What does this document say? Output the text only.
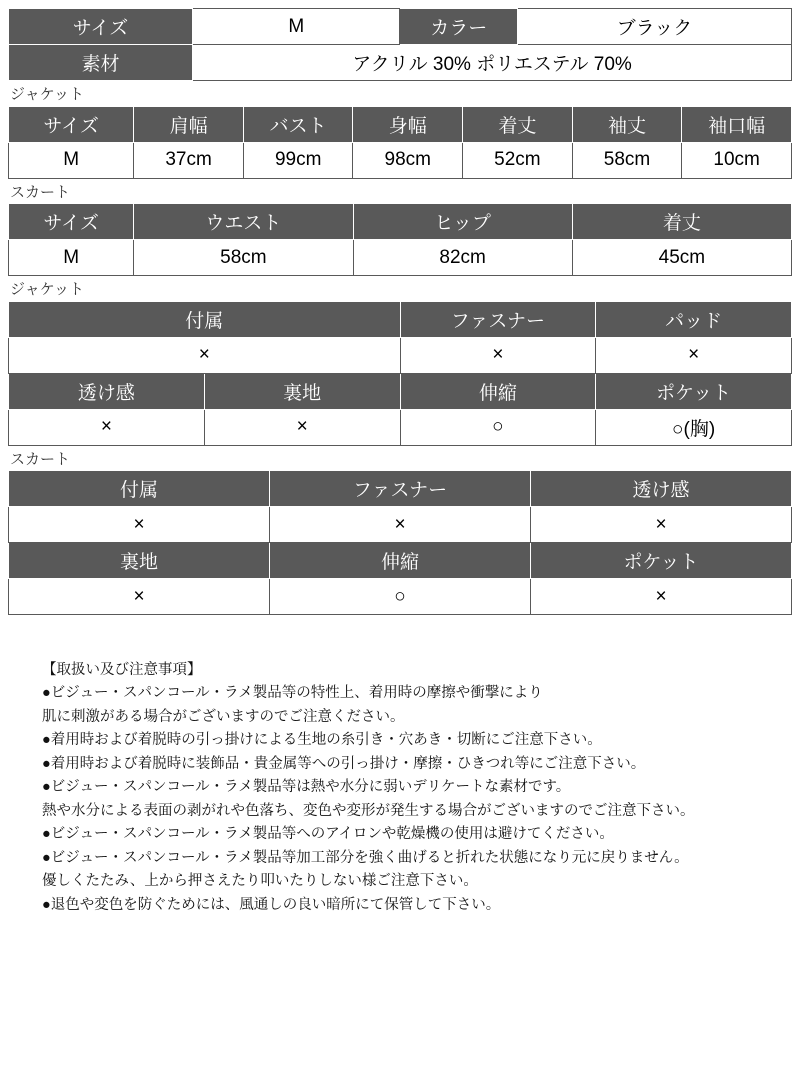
サイズ	M	カラー	ブラック
素材	アクリル 30% ポリエステル 70%		
ジャケット
サイズ	肩幅	バスト	身幅	着丈	袖丈	袖口幅
M	37cm	99cm	98cm	52cm	58cm	10cm
スカート
サイズ	ウエスト	ヒップ	着丈
M	58cm	82cm	45cm
ジャケット
付属		ファスナー	パッド
×		×	×
透け感	裏地	伸縮	ポケット
×	×	○	○(胸)
スカート
付属	ファスナー	透け感
×	×	×
裏地	伸縮	ポケット
×	○	×
【取扱い及び注意事項】
●ビジュー・スパンコール・ラメ製品等の特性上、着用時の摩擦や衝撃により
肌に刺激がある場合がございますのでご注意ください。
●着用時および着脱時の引っ掛けによる生地の糸引き・穴あき・切断にご注意下さい。
●着用時および着脱時に装飾品・貴金属等への引っ掛け・摩擦・ひきつれ等にご注意下さい。
●ビジュー・スパンコール・ラメ製品等は熱や水分に弱いデリケートな素材です。
熱や水分による表面の剥がれや色落ち、変色や変形が発生する場合がございますのでご注意下さい。
●ビジュー・スパンコール・ラメ製品等へのアイロンや乾燥機の使用は避けてください。
●ビジュー・スパンコール・ラメ製品等加工部分を強く曲げると折れた状態になり元に戻りません。
優しくたたみ、上から押さえたり叩いたりしない様ご注意下さい。
●退色や変色を防ぐためには、風通しの良い暗所にて保管して下さい。
